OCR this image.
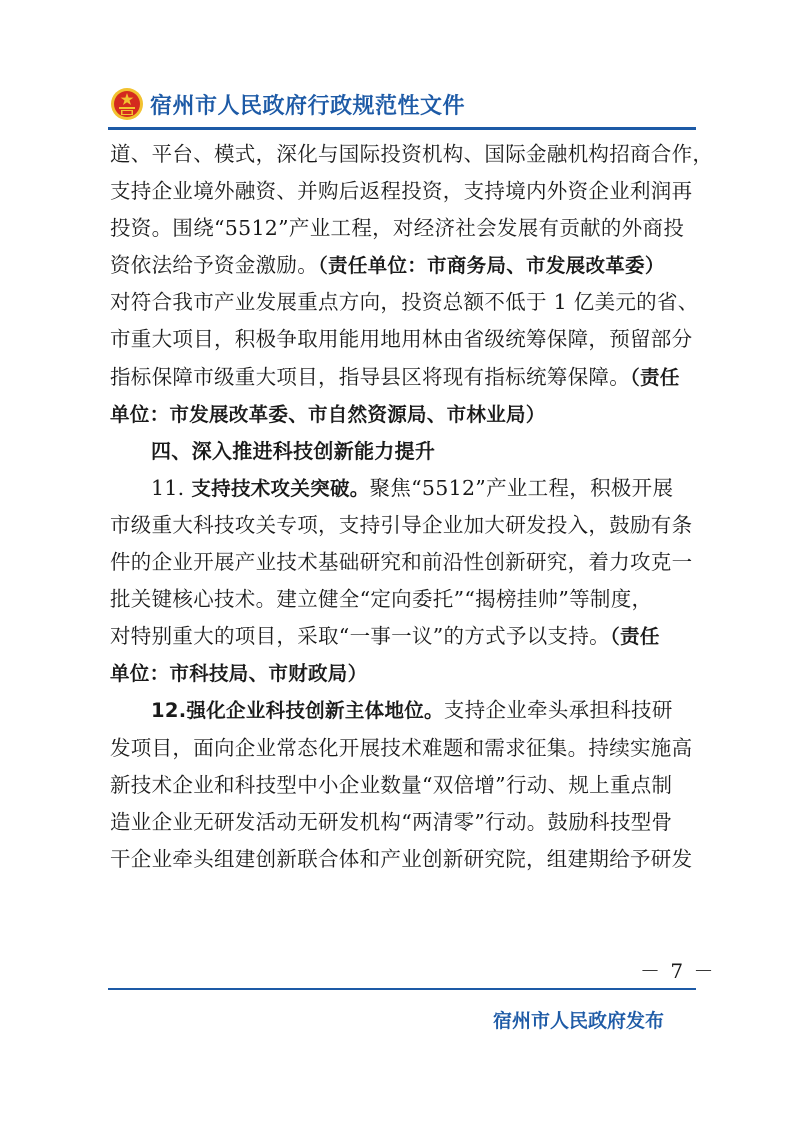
宿州市人民政府行政规范性文件
道、平台、模式，深化与国际投资机构、国际金融机构招商合作，
支持企业境外融资、并购后返程投资，支持境内外资企业利润再
投资。围绕“5512”产业工程，对经济社会发展有贡献的外商投
资依法给予资金激励。（责任单位：市商务局、市发展改革委）
对符合我市产业发展重点方向，投资总额不低于 1 亿美元的省、
市重大项目，积极争取用能用地用林由省级统筹保障，预留部分
指标保障市级重大项目，指导县区将现有指标统筹保障。（责任
单位：市发展改革委、市自然资源局、市林业局）
四、深入推进科技创新能力提升
11. 支持技术攻关突破。聚焦“5512”产业工程，积极开展
市级重大科技攻关专项，支持引导企业加大研发投入，鼓励有条
件的企业开展产业技术基础研究和前沿性创新研究，着力攻克一
批关键核心技术。建立健全“定向委托”“揭榜挂帅”等制度，
对特别重大的项目，采取“一事一议”的方式予以支持。（责任
单位：市科技局、市财政局）
12.强化企业科技创新主体地位。支持企业牵头承担科技研
发项目，面向企业常态化开展技术难题和需求征集。持续实施高
新技术企业和科技型中小企业数量“双倍增”行动、规上重点制
造业企业无研发活动无研发机构“两清零”行动。鼓励科技型骨
干企业牵头组建创新联合体和产业创新研究院，组建期给予研发
－ 7 －
宿州市人民政府发布
